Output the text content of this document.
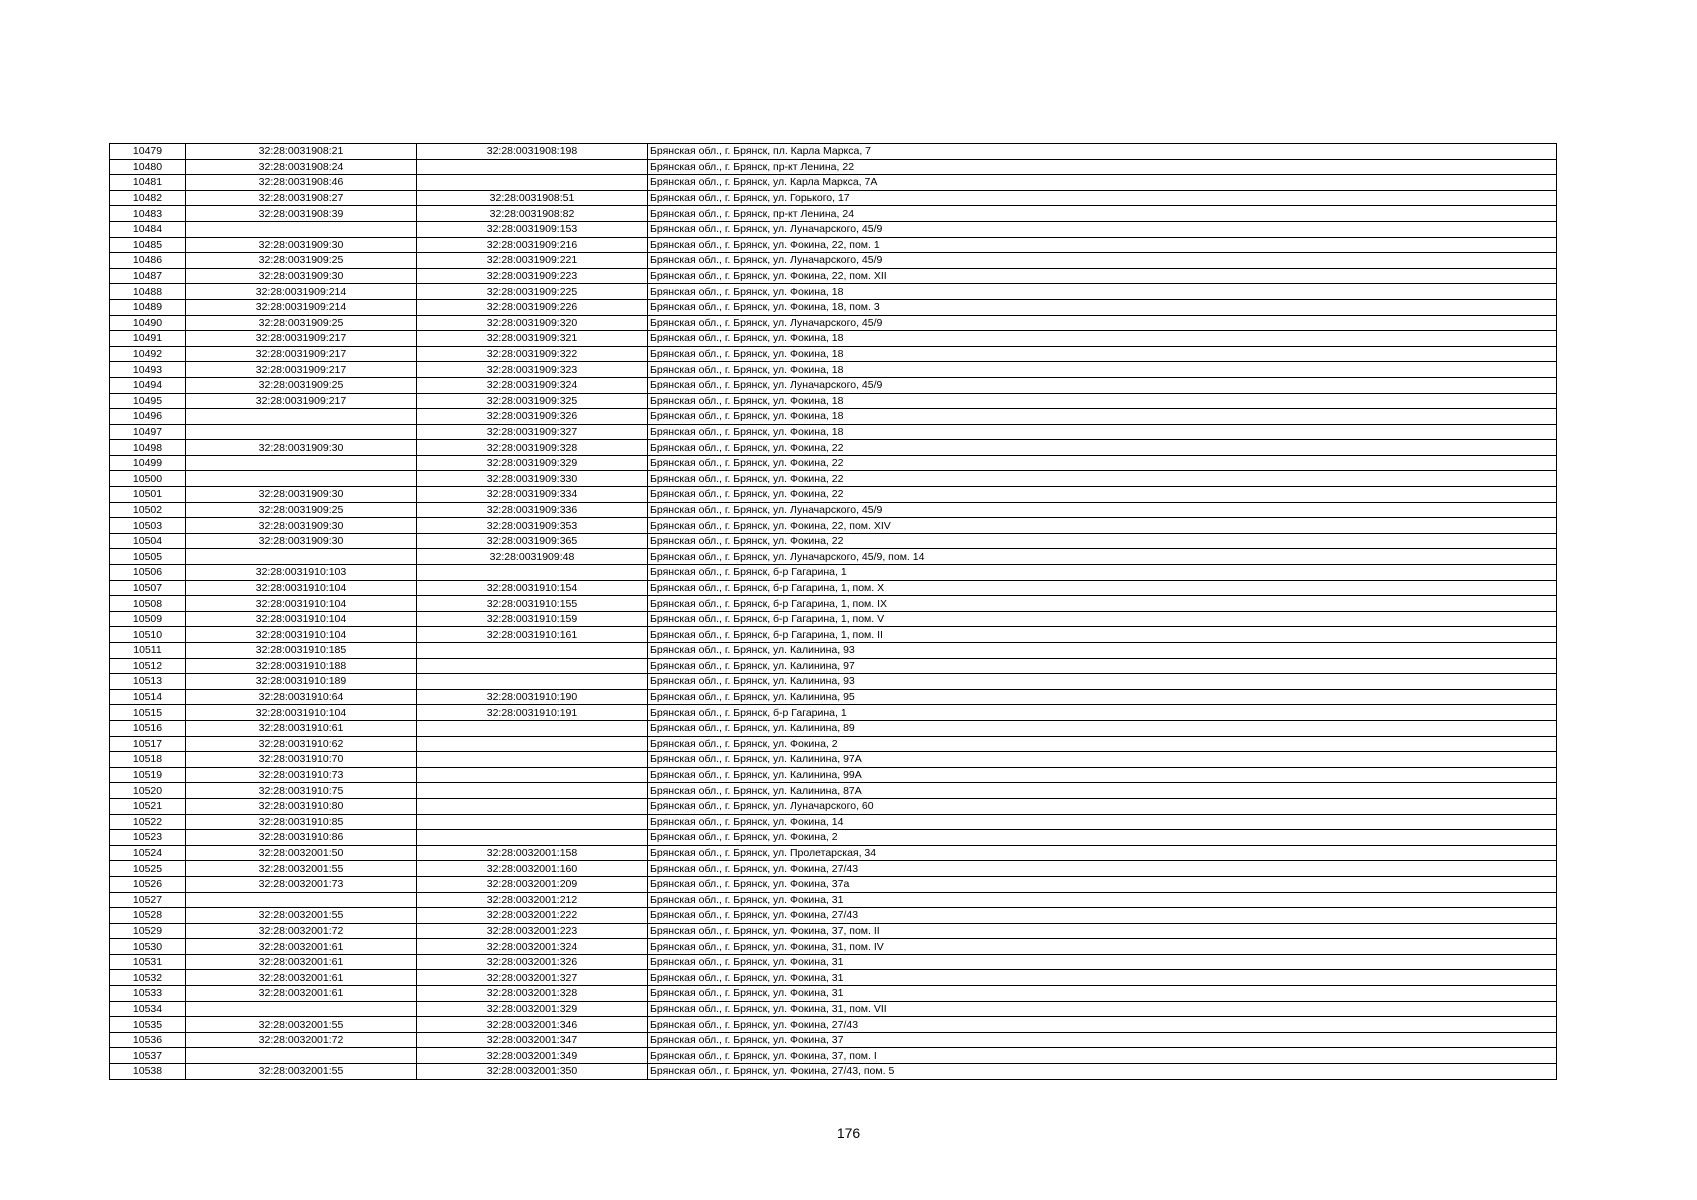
10479	32:28:0031908:21	32:28:0031908:198	Брянская обл., г. Брянск, пл. Карла Маркса, 7
10480	32:28:0031908:24		Брянская обл., г. Брянск, пр-кт Ленина, 22
10481	32:28:0031908:46		Брянская обл., г. Брянск, ул. Карла Маркса, 7А
10482	32:28:0031908:27	32:28:0031908:51	Брянская обл., г. Брянск, ул. Горького, 17
10483	32:28:0031908:39	32:28:0031908:82	Брянская обл., г. Брянск, пр-кт Ленина, 24
10484		32:28:0031909:153	Брянская обл., г. Брянск, ул. Луначарского, 45/9
10485	32:28:0031909:30	32:28:0031909:216	Брянская обл., г. Брянск, ул. Фокина, 22, пом. 1
10486	32:28:0031909:25	32:28:0031909:221	Брянская обл., г. Брянск, ул. Луначарского, 45/9
10487	32:28:0031909:30	32:28:0031909:223	Брянская обл., г. Брянск, ул. Фокина, 22, пом. XII
10488	32:28:0031909:214	32:28:0031909:225	Брянская обл., г. Брянск, ул. Фокина, 18
10489	32:28:0031909:214	32:28:0031909:226	Брянская обл., г. Брянск, ул. Фокина, 18, пом. 3
10490	32:28:0031909:25	32:28:0031909:320	Брянская обл., г. Брянск, ул. Луначарского, 45/9
10491	32:28:0031909:217	32:28:0031909:321	Брянская обл., г. Брянск, ул. Фокина, 18
10492	32:28:0031909:217	32:28:0031909:322	Брянская обл., г. Брянск, ул. Фокина, 18
10493	32:28:0031909:217	32:28:0031909:323	Брянская обл., г. Брянск, ул. Фокина, 18
10494	32:28:0031909:25	32:28:0031909:324	Брянская обл., г. Брянск, ул. Луначарского, 45/9
10495	32:28:0031909:217	32:28:0031909:325	Брянская обл., г. Брянск, ул. Фокина, 18
10496		32:28:0031909:326	Брянская обл., г. Брянск, ул. Фокина, 18
10497		32:28:0031909:327	Брянская обл., г. Брянск, ул. Фокина, 18
10498	32:28:0031909:30	32:28:0031909:328	Брянская обл., г. Брянск, ул. Фокина, 22
10499		32:28:0031909:329	Брянская обл., г. Брянск, ул. Фокина, 22
10500		32:28:0031909:330	Брянская обл., г. Брянск, ул. Фокина, 22
10501	32:28:0031909:30	32:28:0031909:334	Брянская обл., г. Брянск, ул. Фокина, 22
10502	32:28:0031909:25	32:28:0031909:336	Брянская обл., г. Брянск, ул. Луначарского, 45/9
10503	32:28:0031909:30	32:28:0031909:353	Брянская обл., г. Брянск, ул. Фокина, 22, пом. XIV
10504	32:28:0031909:30	32:28:0031909:365	Брянская обл., г. Брянск, ул. Фокина, 22
10505		32:28:0031909:48	Брянская обл., г. Брянск, ул. Луначарского, 45/9, пом. 14
10506	32:28:0031910:103		Брянская обл., г. Брянск, б-р Гагарина, 1
10507	32:28:0031910:104	32:28:0031910:154	Брянская обл., г. Брянск, б-р Гагарина, 1, пом. X
10508	32:28:0031910:104	32:28:0031910:155	Брянская обл., г. Брянск, б-р Гагарина, 1, пом. IX
10509	32:28:0031910:104	32:28:0031910:159	Брянская обл., г. Брянск, б-р Гагарина, 1, пом. V
10510	32:28:0031910:104	32:28:0031910:161	Брянская обл., г. Брянск, б-р Гагарина, 1, пом. II
10511	32:28:0031910:185		Брянская обл., г. Брянск, ул. Калинина, 93
10512	32:28:0031910:188		Брянская обл., г. Брянск, ул. Калинина, 97
10513	32:28:0031910:189		Брянская обл., г. Брянск, ул. Калинина, 93
10514	32:28:0031910:64	32:28:0031910:190	Брянская обл., г. Брянск, ул. Калинина, 95
10515	32:28:0031910:104	32:28:0031910:191	Брянская обл., г. Брянск, б-р Гагарина, 1
10516	32:28:0031910:61		Брянская обл., г. Брянск, ул. Калинина, 89
10517	32:28:0031910:62		Брянская обл., г. Брянск, ул. Фокина, 2
10518	32:28:0031910:70		Брянская обл., г. Брянск, ул. Калинина, 97А
10519	32:28:0031910:73		Брянская обл., г. Брянск, ул. Калинина, 99А
10520	32:28:0031910:75		Брянская обл., г. Брянск, ул. Калинина, 87А
10521	32:28:0031910:80		Брянская обл., г. Брянск, ул. Луначарского, 60
10522	32:28:0031910:85		Брянская обл., г. Брянск, ул. Фокина, 14
10523	32:28:0031910:86		Брянская обл., г. Брянск, ул. Фокина, 2
10524	32:28:0032001:50	32:28:0032001:158	Брянская обл., г. Брянск, ул. Пролетарская, 34
10525	32:28:0032001:55	32:28:0032001:160	Брянская обл., г. Брянск, ул. Фокина, 27/43
10526	32:28:0032001:73	32:28:0032001:209	Брянская обл., г. Брянск, ул. Фокина, 37а
10527		32:28:0032001:212	Брянская обл., г. Брянск, ул. Фокина, 31
10528	32:28:0032001:55	32:28:0032001:222	Брянская обл., г. Брянск, ул. Фокина, 27/43
10529	32:28:0032001:72	32:28:0032001:223	Брянская обл., г. Брянск, ул. Фокина, 37, пом. II
10530	32:28:0032001:61	32:28:0032001:324	Брянская обл., г. Брянск, ул. Фокина, 31, пом. IV
10531	32:28:0032001:61	32:28:0032001:326	Брянская обл., г. Брянск, ул. Фокина, 31
10532	32:28:0032001:61	32:28:0032001:327	Брянская обл., г. Брянск, ул. Фокина, 31
10533	32:28:0032001:61	32:28:0032001:328	Брянская обл., г. Брянск, ул. Фокина, 31
10534		32:28:0032001:329	Брянская обл., г. Брянск, ул. Фокина, 31, пом. VII
10535	32:28:0032001:55	32:28:0032001:346	Брянская обл., г. Брянск, ул. Фокина, 27/43
10536	32:28:0032001:72	32:28:0032001:347	Брянская обл., г. Брянск, ул. Фокина, 37
10537		32:28:0032001:349	Брянская обл., г. Брянск, ул. Фокина, 37, пом. I
10538	32:28:0032001:55	32:28:0032001:350	Брянская обл., г. Брянск, ул. Фокина, 27/43, пом. 5
176
